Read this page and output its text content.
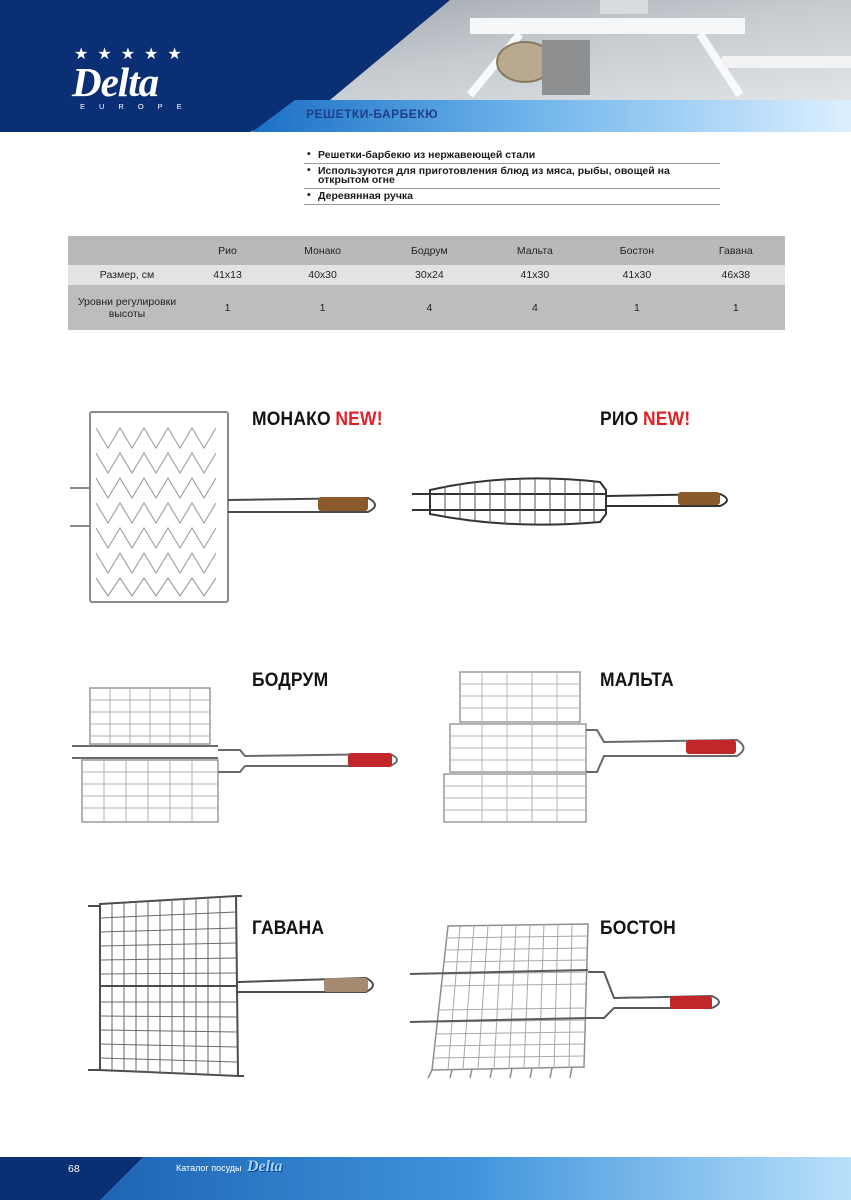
★★★★★
Delta
EUROPE
РЕШЕТКИ-БАРБЕКЮ
• Решетки-барбекю из нержавеющей стали
• Используются для приготовления блюд из мяса, рыбы, овощей на открытом огне
• Деревянная ручка
	Рио	Монако	Бодрум	Мальта	Бостон	Гавана
Размер, см	41x13	40x30	30x24	41x30	41x30	46x38
Уровни регулировки высоты	1	1	4	4	1	1
МОНАКО NEW!	РИО NEW!
БОДРУМ	МАЛЬТА
ГАВАНА	БОСТОН
68	Каталог посуды Delta
